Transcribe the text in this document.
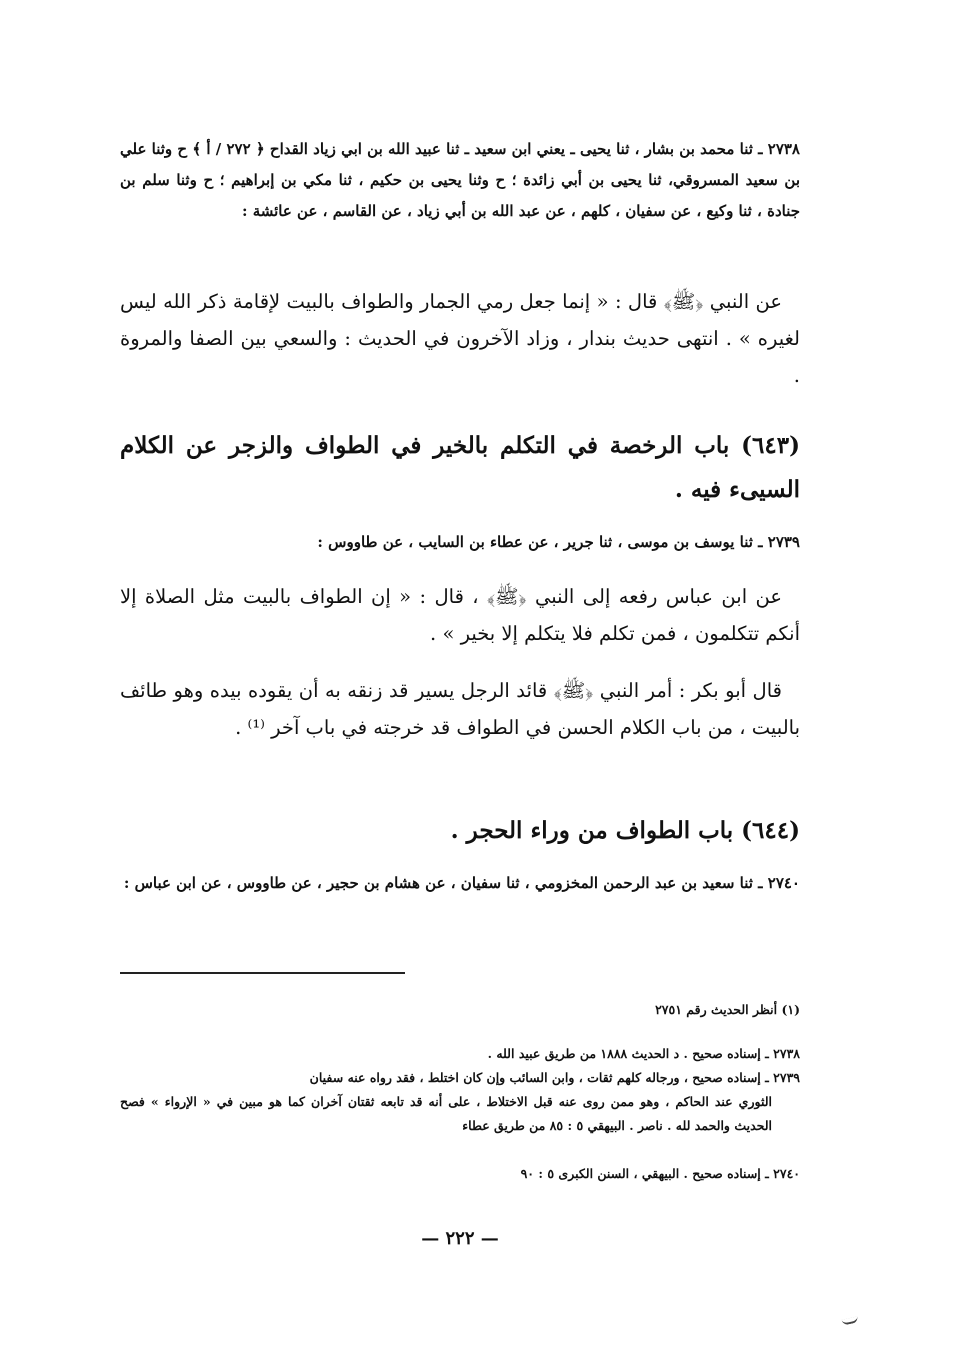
٢٧٣٨ ـ ثنا محمد بن بشار ، ثنا يحيى ـ يعني ابن سعيد ـ ثنا عبيد الله بن ابي زياد القداح ﴿ ٢٧٢ / أ ﴾ ح وثنا علي بن سعيد المسروقي، ثنا يحيى بن أبي زائدة ؛ ح وثنا يحيى بن حكيم ، ثنا مكي بن إبراهيم ؛ ح وثنا سلم بن جنادة ، ثنا وكيع ، عن سفيان ، كلهم ، عن عبد الله بن أبي زياد ، عن القاسم ، عن عائشة :
عن النبي ﴿ﷺ﴾ قال : « إنما جعل رمي الجمار والطواف بالبيت لإقامة ذكر الله ليس لغيره » . انتهى حديث بندار ، وزاد الآخرون في الحديث : والسعي بين الصفا والمروة .
(٦٤٣) باب الرخصة في التكلم بالخير في الطواف والزجر عن الكلام السيىء فيه .
٢٧٣٩ ـ ثنا يوسف بن موسى ، ثنا جرير ، عن عطاء بن السايب ، عن طاووس :
عن ابن عباس رفعه إلى النبي ﴿ﷺ﴾ ، قال : « إن الطواف بالبيت مثل الصلاة إلا أنكم تتكلمون ، فمن تكلم فلا يتكلم إلا بخير » .
قال أبو بكر : أمر النبي ﴿ﷺ﴾ قائد الرجل يسير قد زنقه به أن يقوده بيده وهو طائف بالبيت ، من باب الكلام الحسن في الطواف قد خرجته في باب آخر ⁽¹⁾ .
(٦٤٤) باب الطواف من وراء الحجر .
٢٧٤٠ ـ ثنا سعيد بن عبد الرحمن المخزومي ، ثنا سفيان ، عن هشام بن حجير ، عن طاووس ، عن ابن عباس :
(١) أنظر الحديث رقم ٢٧٥١
٢٧٣٨ ـ إسناده صحيح . د الحديث ١٨٨٨ من طريق عبيد الله .
٢٧٣٩ ـ إسناده صحيح ، ورجاله كلهم ثقات ، وابن السائب وإن كان اختلط ، فقد رواه عنه سفيان
الثوري عند الحاكم ، وهو ممن روى عنه قبل الاختلاط ، على أنه قد تابعه ثقتان آخران كما هو مبين في « الإرواء » فصح الحديث والحمد لله . ناصر . البيهقي ٥ : ٨٥ من طريق عطاء
٢٧٤٠ ـ إسناده صحيح . البيهقي ، السنن الكبرى ٥ : ٩٠
— ٢٢٢ —
